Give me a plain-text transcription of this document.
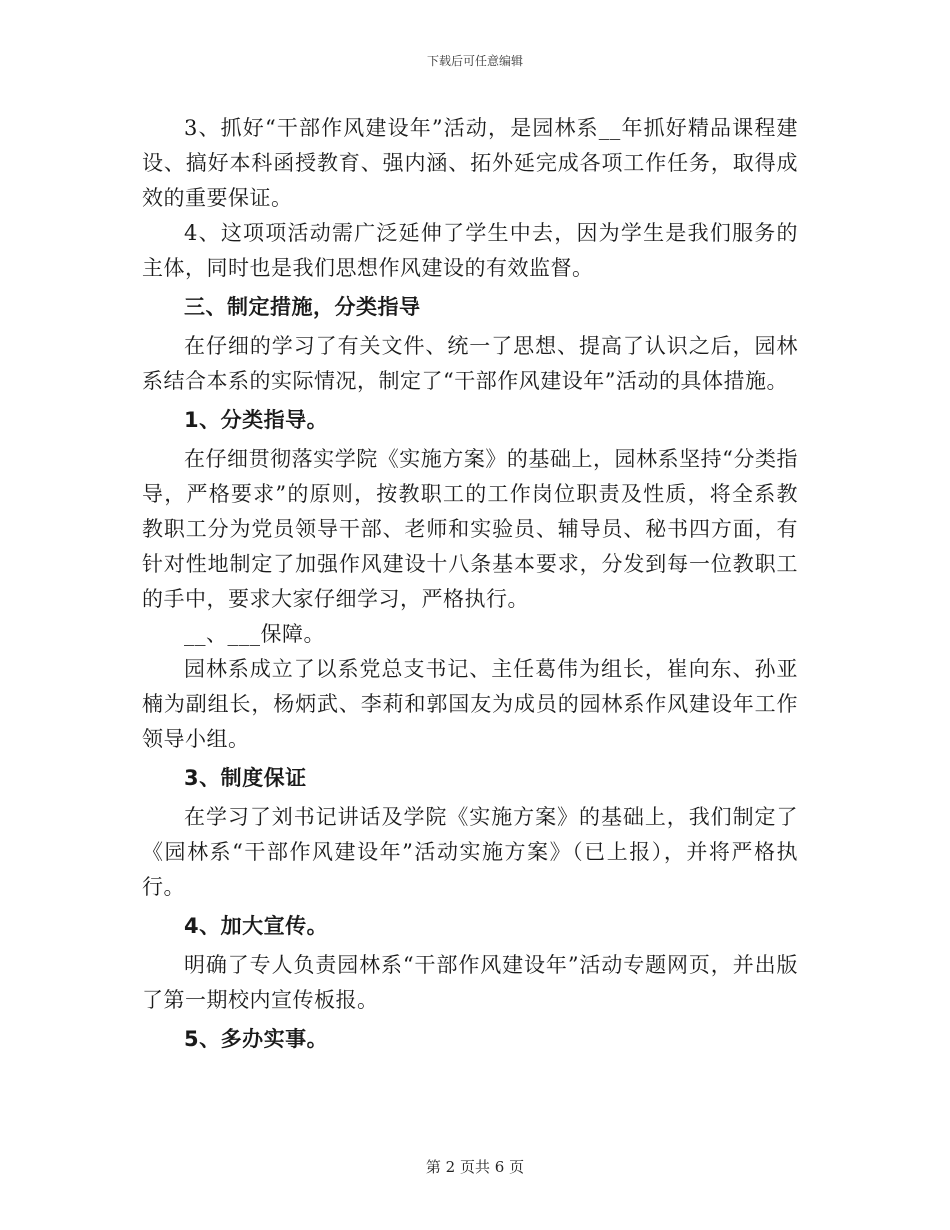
下载后可任意编辑

3、抓好“干部作风建设年”活动，是园林系__年抓好精品课程建设、搞好本科函授教育、强内涵、拓外延完成各项工作任务，取得成效的重要保证。

4、这项项活动需广泛延伸了学生中去，因为学生是我们服务的主体，同时也是我们思想作风建设的有效监督。

三、制定措施，分类指导

在仔细的学习了有关文件、统一了思想、提高了认识之后，园林系结合本系的实际情况，制定了“干部作风建设年”活动的具体措施。

1、分类指导。

在仔细贯彻落实学院《实施方案》的基础上，园林系坚持“分类指导，严格要求”的原则，按教职工的工作岗位职责及性质，将全系教教职工分为党员领导干部、老师和实验员、辅导员、秘书四方面，有针对性地制定了加强作风建设十八条基本要求，分发到每一位教职工的手中，要求大家仔细学习，严格执行。

__、___保障。

园林系成立了以系党总支书记、主任葛伟为组长，崔向东、孙亚楠为副组长，杨炳武、李莉和郭国友为成员的园林系作风建设年工作领导小组。

3、制度保证

在学习了刘书记讲话及学院《实施方案》的基础上，我们制定了《园林系“干部作风建设年”活动实施方案》（已上报），并将严格执行。

4、加大宣传。

明确了专人负责园林系“干部作风建设年”活动专题网页，并出版了第一期校内宣传板报。

5、多办实事。

第 2 页共 6 页
